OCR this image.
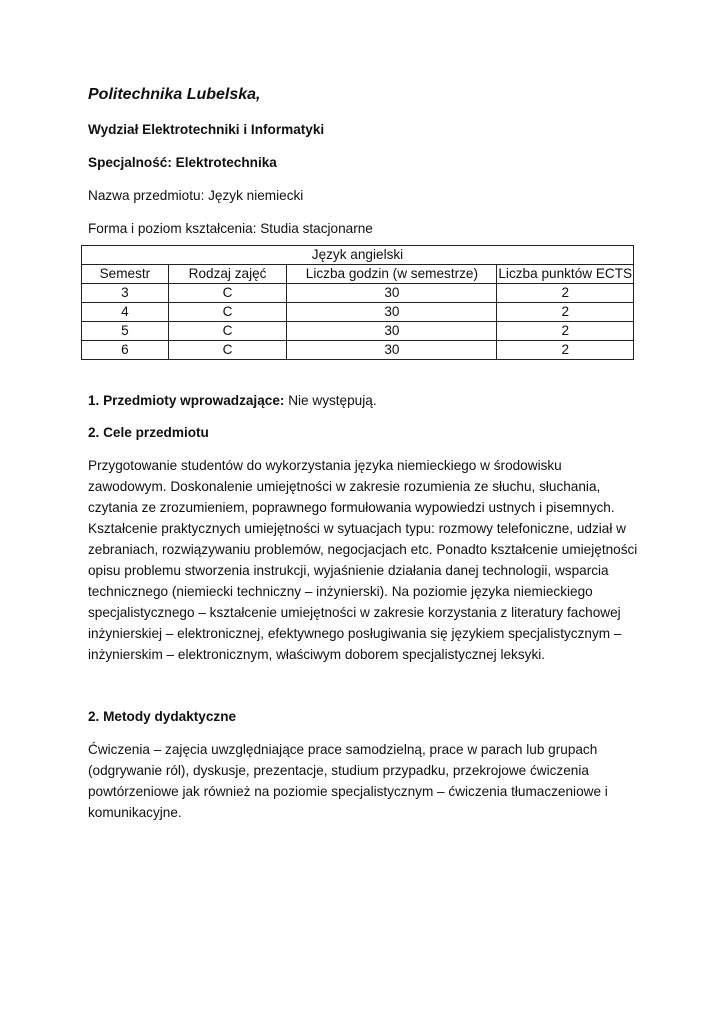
Politechnika Lubelska,

Wydział Elektrotechniki i Informatyki

Specjalność: Elektrotechnika

Nazwa przedmiotu: Język niemiecki

Forma i poziom kształcenia: Studia stacjonarne

Język angielski			
Semestr	Rodzaj zajęć	Liczba godzin (w semestrze)	Liczba punktów ECTS
3	C	30	2
4	C	30	2
5	C	30	2
6	C	30	2

1. Przedmioty wprowadzające: Nie występują.

2. Cele przedmiotu

Przygotowanie studentów do wykorzystania języka niemieckiego w środowisku zawodowym. Doskonalenie umiejętności w zakresie rozumienia ze słuchu, słuchania, czytania ze zrozumieniem, poprawnego formułowania wypowiedzi ustnych i pisemnych. Kształcenie praktycznych umiejętności w sytuacjach typu: rozmowy telefoniczne, udział w zebraniach, rozwiązywaniu problemów, negocjacjach etc. Ponadto kształcenie umiejętności opisu problemu stworzenia instrukcji, wyjaśnienie działania danej technologii, wsparcia technicznego (niemiecki techniczny – inżynierski). Na poziomie języka niemieckiego specjalistycznego – kształcenie umiejętności w zakresie korzystania z literatury fachowej inżynierskiej – elektronicznej, efektywnego posługiwania się językiem specjalistycznym – inżynierskim – elektronicznym, właściwym doborem specjalistycznej leksyki.

2. Metody dydaktyczne

Ćwiczenia – zajęcia uwzględniające prace samodzielną, prace w parach lub grupach (odgrywanie ról), dyskusje, prezentacje, studium przypadku, przekrojowe ćwiczenia powtórzeniowe jak również na poziomie specjalistycznym – ćwiczenia tłumaczeniowe i komunikacyjne.
